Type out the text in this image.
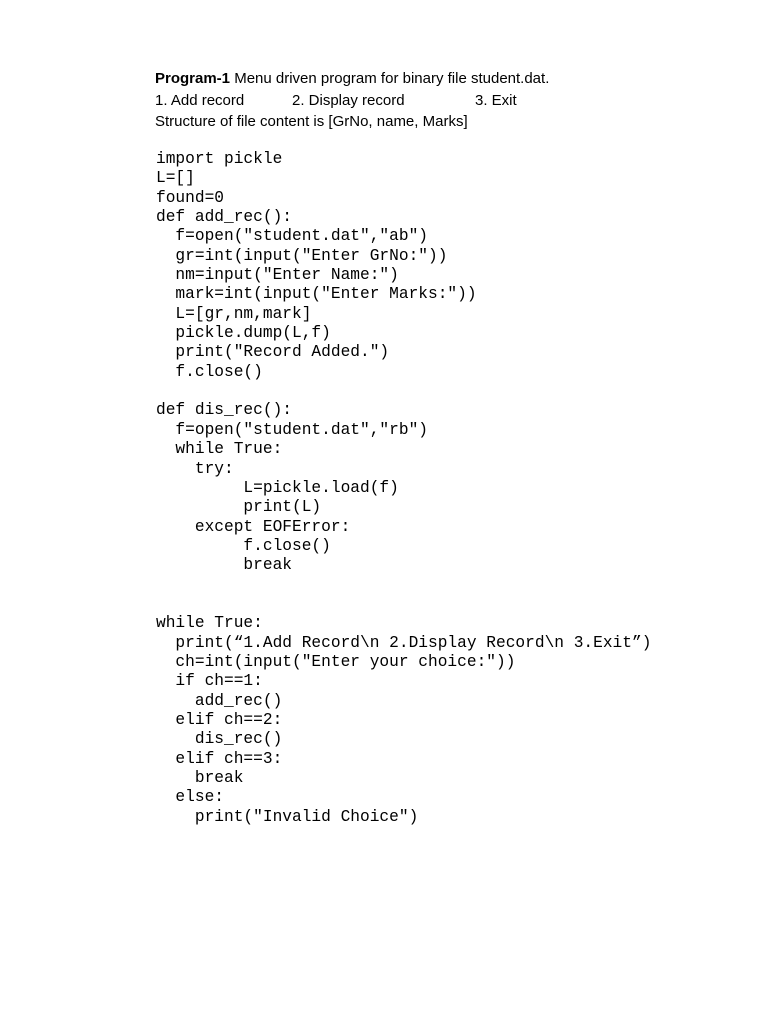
Program-1 Menu driven program for binary file student.dat.
1. Add record	2. Display record	3. Exit
Structure of file content is [GrNo, name, Marks]
import pickle
L=[]
found=0
def add_rec():
f=open("student.dat","ab")
gr=int(input("Enter GrNo:"))
nm=input("Enter Name:")
mark=int(input("Enter Marks:"))
L=[gr,nm,mark]
pickle.dump(L,f)
print("Record Added.")
f.close()
def dis_rec():
f=open("student.dat","rb")
while True:
try:
L=pickle.load(f)
print(L)
except EOFError:
f.close()
break
while True:
print(“1.Add Record\n 2.Display Record\n 3.Exit”)
ch=int(input("Enter your choice:"))
if ch==1:
add_rec()
elif ch==2:
dis_rec()
elif ch==3:
break
else:
print("Invalid Choice")
